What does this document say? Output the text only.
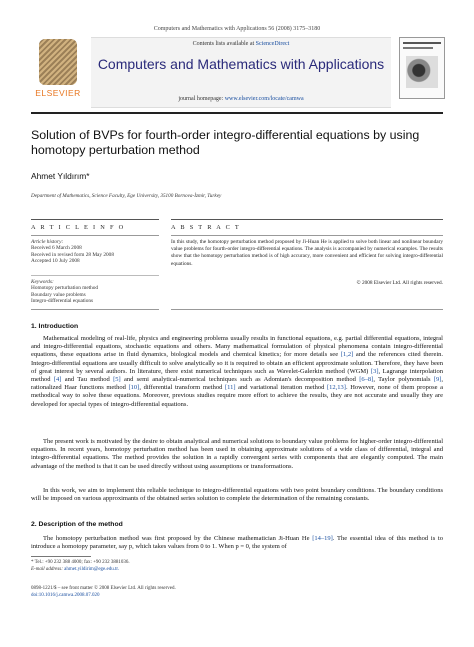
Computers and Mathematics with Applications 56 (2008) 3175–3180
ELSEVIER
Contents lists available at ScienceDirect
Computers and Mathematics with Applications
journal homepage: www.elsevier.com/locate/camwa
Solution of BVPs for fourth-order integro-differential equations by using homotopy perturbation method
Ahmet Yıldırım*
Department of Mathematics, Science Faculty, Ege University, 35100 Bornova-İzmir, Turkey
A R T I C L E I N F O
Article history:
Received 6 March 2008
Received in revised form 28 May 2008
Accepted 10 July 2008
Keywords:
Homotopy perturbation method
Boundary value problems
Integro-differential equations
A B S T R A C T
In this study, the homotopy perturbation method proposed by Ji-Huan He is applied to solve both linear and nonlinear boundary value problems for fourth-order integro-differential equations. The analysis is accompanied by numerical examples. The results show that the homotopy perturbation method is of high accuracy, more convenient and efficient for solving integro-differential equations.
© 2008 Elsevier Ltd. All rights reserved.
1. Introduction
Mathematical modeling of real-life, physics and engineering problems usually results in functional equations, e.g. partial differential equations, integral and integro-differential equations, stochastic equations and others. Many mathematical formulation of physical phenomena contain integro-differential equations, these equations arise in fluid dynamics, biological models and chemical kinetics; for more details see [1,2] and the references cited therein. Integro-differential equations are usually difficult to solve analytically so it is required to obtain an efficient approximate solution. Therefore, they have been of great interest by several authors. In literature, there exist numerical techniques such as Wavelet-Galerkin method (WGM) [3], Lagrange interpolation method [4] and Tau method [5] and semi analytical-numerical techniques such as Adomian's decomposition method [6–8], Taylor polynomials [9], rationalized Haar functions method [10], differential transform method [11] and variational iteration method [12,13]. However, none of them propose a methodical way to solve these equations. Moreover, previous studies require more effort to achieve the results, they are not accurate and usually they are developed for special types of integro-differential equations.
The present work is motivated by the desire to obtain analytical and numerical solutions to boundary value problems for higher-order integro-differential equations. In recent years, homotopy perturbation method has been used in obtaining approximate solutions of a wide class of differential, integral and integro-differential equations. The method provides the solution in a rapidly convergent series with components that are elegantly computed. The main advantage of the method is that it can be used directly without using assumptions or transformations.
In this work, we aim to implement this reliable technique to integro-differential equations with two point boundary conditions. The boundary conditions will be imposed on various approximants of the obtained series solution to complete the determination of the remaining constants.
2. Description of the method
The homotopy perturbation method was first proposed by the Chinese mathematician Ji-Huan He [14–19]. The essential idea of this method is to introduce a homotopy parameter, say p, which takes values from 0 to 1. When p = 0, the system of
* Tel.: +90 232 388 4000; fax: +90 232 3881036.
E-mail address: ahmet.yildirim@ege.edu.tr.
0898-1221/$ – see front matter © 2008 Elsevier Ltd. All rights reserved.
doi:10.1016/j.camwa.2008.07.020
